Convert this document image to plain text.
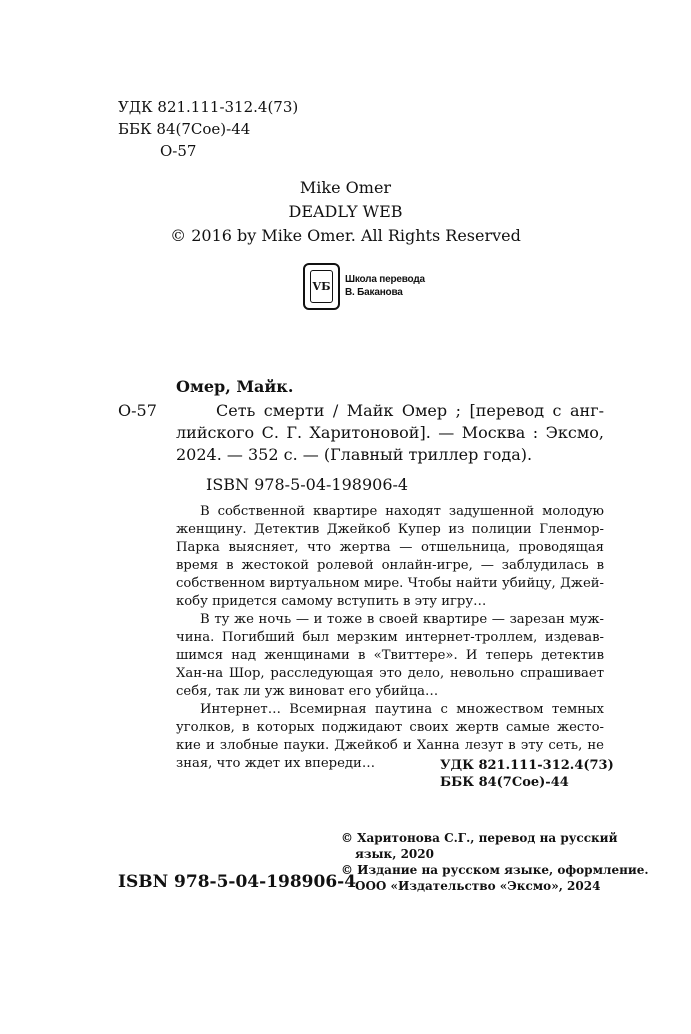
УДК 821.111-312.4(73)
ББК 84(7Сое)-44
О-57
Mike Omer
DEADLY WEB
© 2016 by Mike Omer. All Rights Reserved
VБ
Школа перевода
В. Баканова
Омер, Майк.
О-57	Сеть смерти / Майк Омер ; [перевод с анг-
лийского С. Г. Харитоновой]. — Москва : Эксмо,
2024. — 352 с. — (Главный триллер года).
ISBN 978-5-04-198906-4

В собственной квартире находят задушенной молодую женщину. Детектив Джейкоб Купер из полиции Гленмор-Парка выясняет, что жертва — отшельница, проводящая время в жестокой ролевой онлайн-игре, — заблудилась в собственном виртуальном мире. Чтобы найти убийцу, Джей-кобу придется самому вступить в эту игру…

В ту же ночь — и тоже в своей квартире — зарезан муж-чина. Погибший был мерзким интернет-троллем, издевав-шимся над женщинами в «Твиттере». И теперь детектив Хан-на Шор, расследующая это дело, невольно спрашивает себя, так ли уж виноват его убийца…

Интернет… Всемирная паутина с множеством темных уголков, в которых поджидают своих жертв самые жесто-кие и злобные пауки. Джейкоб и Ханна лезут в эту сеть, не зная, что ждет их впереди…	УДК 821.111-312.4(73)
ББК 84(7Сое)-44
ISBN 978-5-04-198906-4
© Харитонова С.Г., перевод на русский
язык, 2020
© Издание на русском языке, оформление.
ООО «Издательство «Эксмо», 2024
